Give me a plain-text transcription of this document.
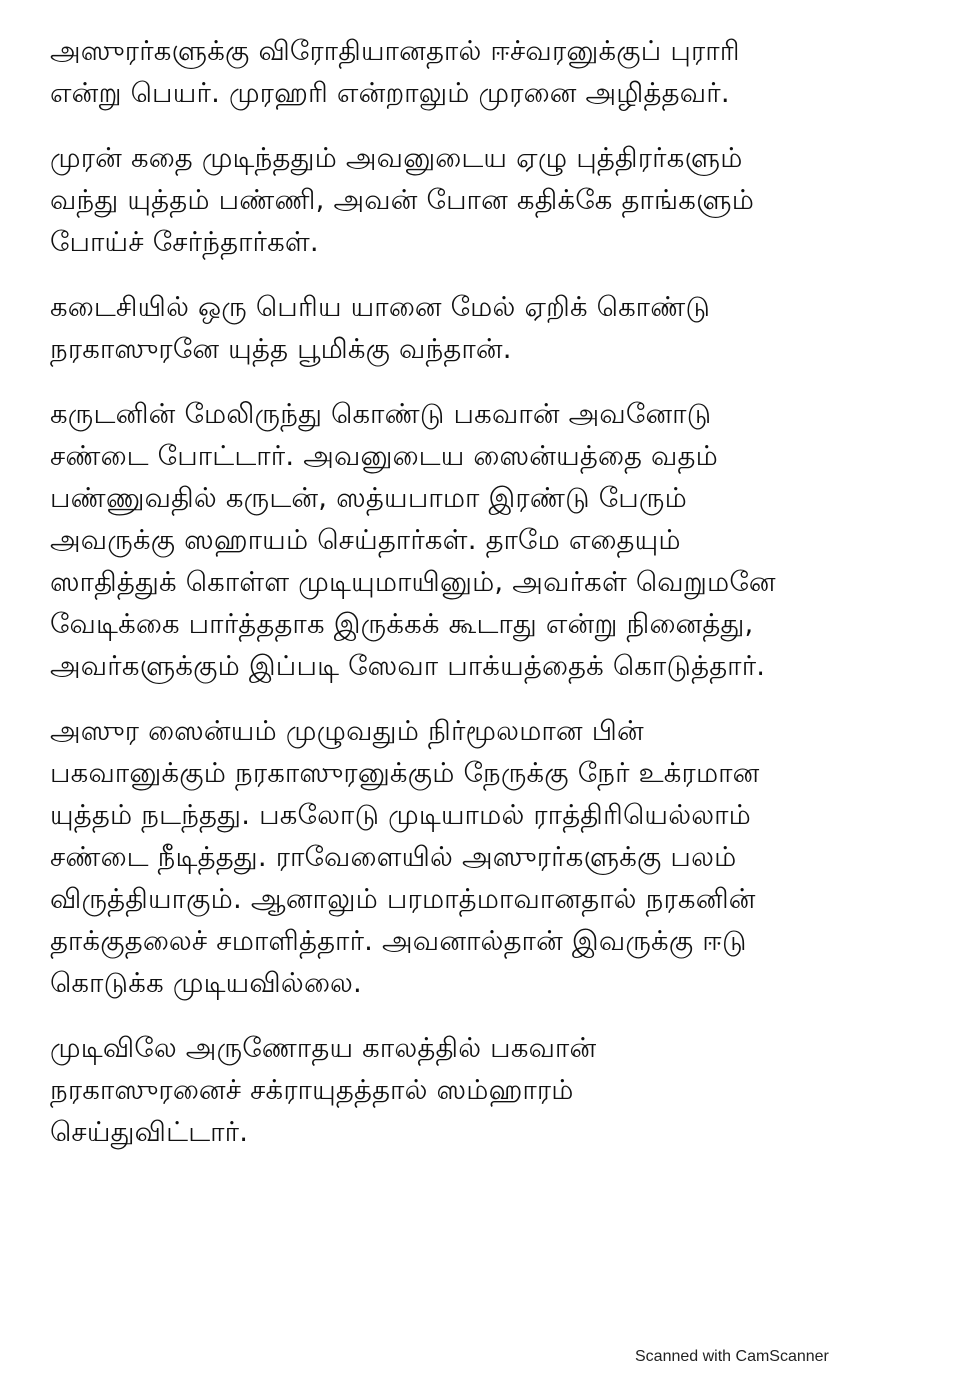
அஸுரர்களுக்கு விரோதியானதால் ஈச்வரனுக்குப் புராரி
என்று பெயர். முரஹரி என்றாலும் முரனை அழித்தவர்.

முரன் கதை முடிந்ததும் அவனுடைய ஏழு புத்திரர்களும்
வந்து யுத்தம் பண்ணி, அவன் போன கதிக்கே தாங்களும்
போய்ச் சேர்ந்தார்கள்.

கடைசியில் ஒரு பெரிய யானை மேல் ஏறிக் கொண்டு
நரகாஸுரனே யுத்த பூமிக்கு வந்தான்.

கருடனின் மேலிருந்து கொண்டு பகவான் அவனோடு
சண்டை போட்டார். அவனுடைய ஸைன்யத்தை வதம்
பண்ணுவதில் கருடன், ஸத்யபாமா இரண்டு பேரும்
அவருக்கு ஸஹாயம் செய்தார்கள். தாமே எதையும்
ஸாதித்துக் கொள்ள முடியுமாயினும், அவர்கள் வெறுமனே
வேடிக்கை பார்த்ததாக இருக்கக் கூடாது என்று நினைத்து,
அவர்களுக்கும் இப்படி ஸேவா பாக்யத்தைக் கொடுத்தார்.

அஸுர ஸைன்யம் முழுவதும் நிர்மூலமான பின்
பகவானுக்கும் நரகாஸுரனுக்கும் நேருக்கு நேர் உக்ரமான
யுத்தம் நடந்தது. பகலோடு முடியாமல் ராத்திரியெல்லாம்
சண்டை நீடித்தது. ராவேளையில் அஸுரர்களுக்கு பலம்
விருத்தியாகும். ஆனாலும் பரமாத்மாவானதால் நரகனின்
தாக்குதலைச் சமாளித்தார். அவனால்தான் இவருக்கு ஈடு
கொடுக்க முடியவில்லை.

முடிவிலே அருணோதய காலத்தில் பகவான்
நரகாஸுரனைச் சக்ராயுதத்தால் ஸம்ஹாரம்
செய்துவிட்டார்.

Scanned with CamScanner
